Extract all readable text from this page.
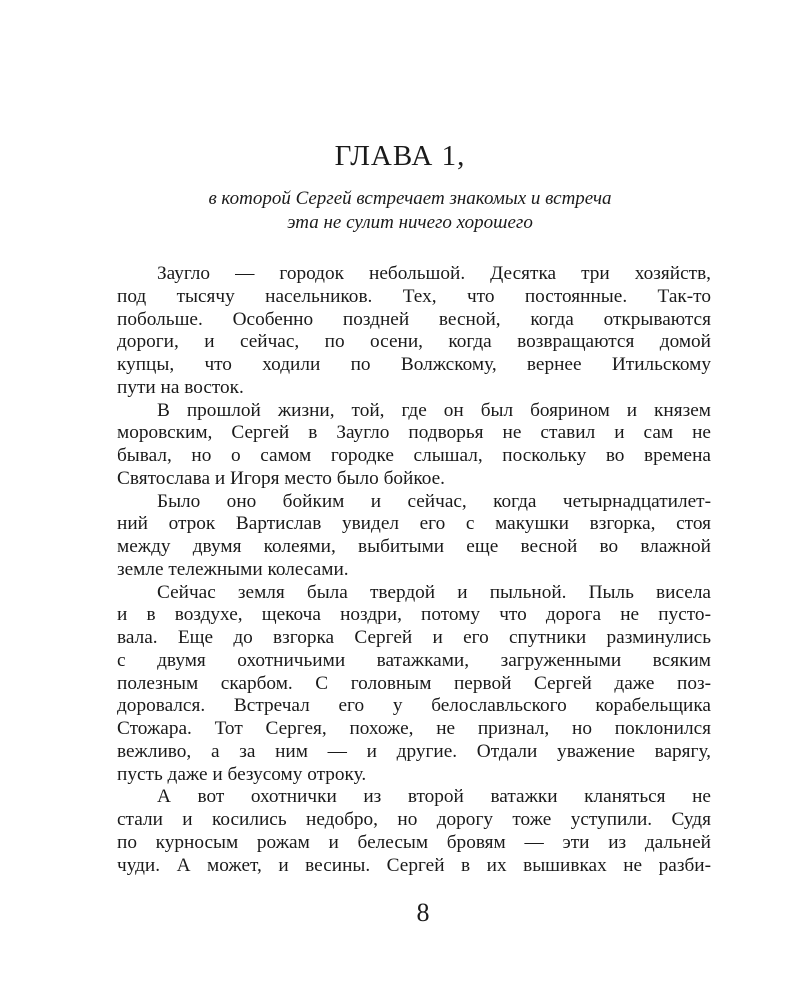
ГЛАВА 1,
в которой Сергей встречает знакомых и встреча
эта не сулит ничего хорошего
Заугло — городок небольшой. Десятка три хозяйств,
под тысячу насельников. Тех, что постоянные. Так-то
побольше. Особенно поздней весной, когда открываются
дороги, и сейчас, по осени, когда возвращаются домой
купцы, что ходили по Волжскому, вернее Итильскому
пути на восток.
В прошлой жизни, той, где он был боярином и князем
моровским, Сергей в Заугло подворья не ставил и сам не
бывал, но о самом городке слышал, поскольку во времена
Святослава и Игоря место было бойкое.
Было оно бойким и сейчас, когда четырнадцатилет-
ний отрок Вартислав увидел его с макушки взгорка, стоя
между двумя колеями, выбитыми еще весной во влажной
земле тележными колесами.
Сейчас земля была твердой и пыльной. Пыль висела
и в воздухе, щекоча ноздри, потому что дорога не пусто-
вала. Еще до взгорка Сергей и его спутники разминулись
с двумя охотничьими ватажками, загруженными всяким
полезным скарбом. С головным первой Сергей даже поз-
доровался. Встречал его у белославльского корабельщика
Стожара. Тот Сергея, похоже, не признал, но поклонился
вежливо, а за ним — и другие. Отдали уважение варягу,
пусть даже и безусому отроку.
А вот охотнички из второй ватажки кланяться не
стали и косились недобро, но дорогу тоже уступили. Судя
по курносым рожам и белесым бровям — эти из дальней
чуди. А может, и весины. Сергей в их вышивках не разби-
8
